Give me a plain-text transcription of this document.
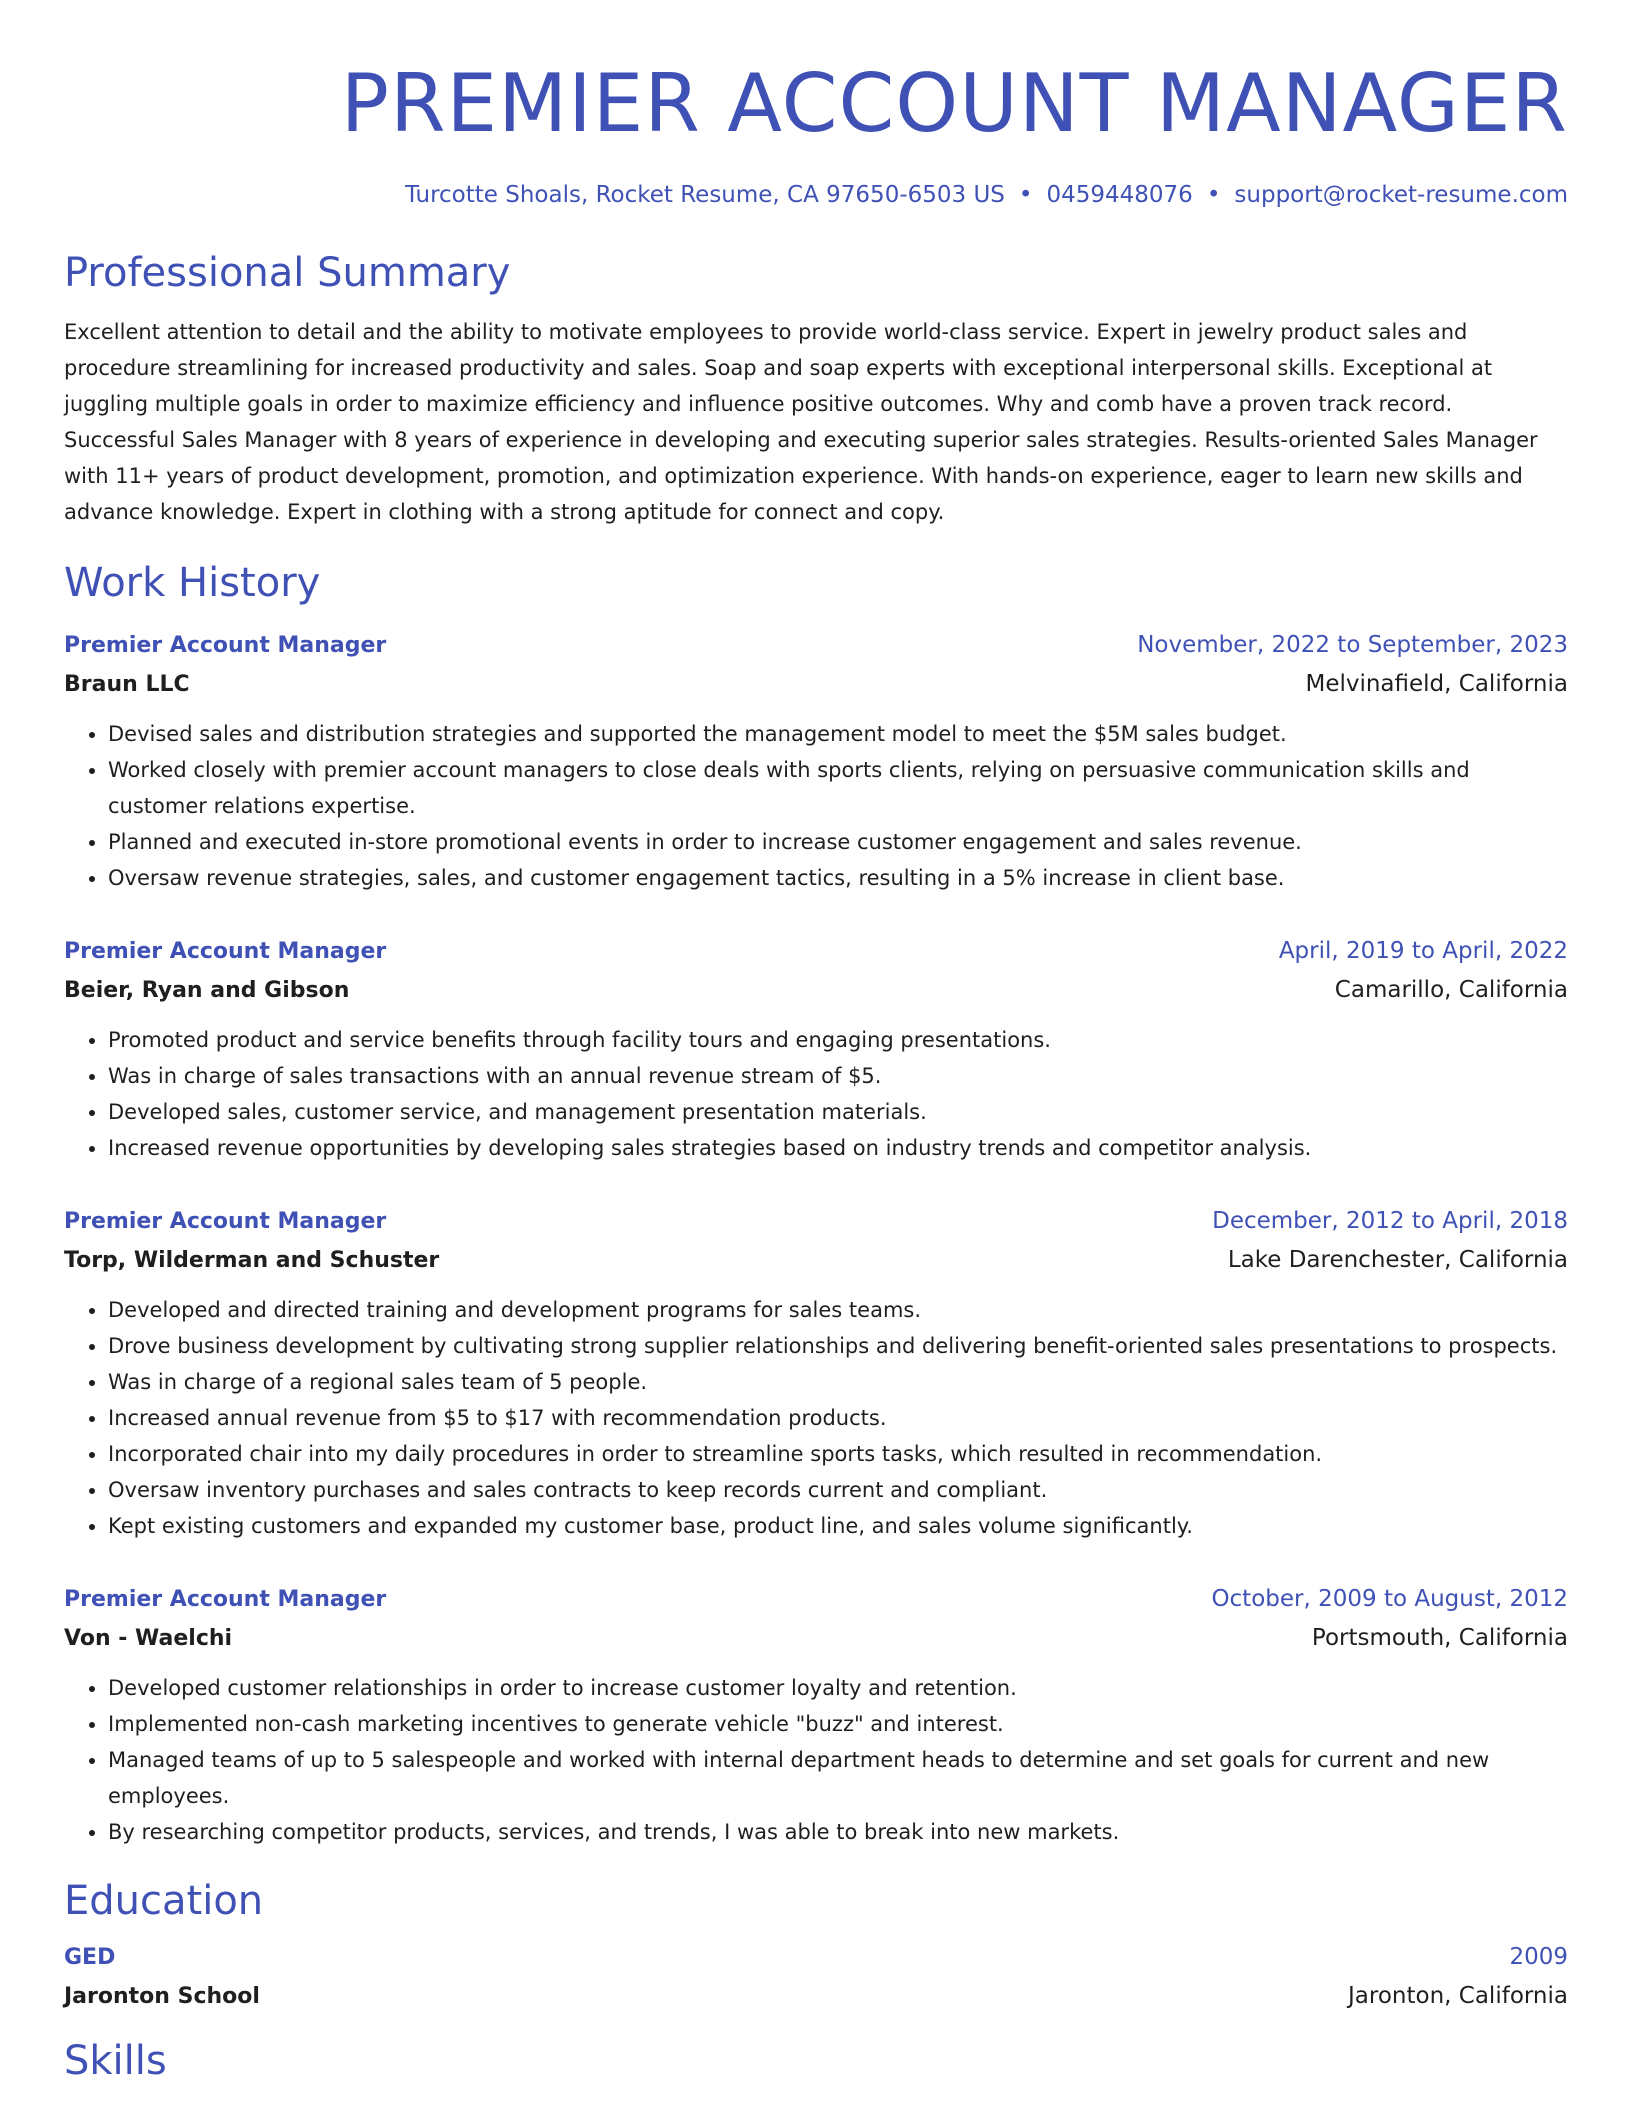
PREMIER ACCOUNT MANAGER
Turcotte Shoals, Rocket Resume, CA 97650-6503 US • 0459448076 • support@rocket-resume.com
Professional Summary
Excellent attention to detail and the ability to motivate employees to provide world-class service. Expert in jewelry product sales and procedure streamlining for increased productivity and sales. Soap and soap experts with exceptional interpersonal skills. Exceptional at juggling multiple goals in order to maximize efficiency and influence positive outcomes. Why and comb have a proven track record. Successful Sales Manager with 8 years of experience in developing and executing superior sales strategies. Results-oriented Sales Manager with 11+ years of product development, promotion, and optimization experience. With hands-on experience, eager to learn new skills and advance knowledge. Expert in clothing with a strong aptitude for connect and copy.
Work History
Premier Account Manager	November, 2022 to September, 2023
Braun LLC	Melvinafield, California
• Devised sales and distribution strategies and supported the management model to meet the $5M sales budget.
• Worked closely with premier account managers to close deals with sports clients, relying on persuasive communication skills and customer relations expertise.
• Planned and executed in-store promotional events in order to increase customer engagement and sales revenue.
• Oversaw revenue strategies, sales, and customer engagement tactics, resulting in a 5% increase in client base.
Premier Account Manager	April, 2019 to April, 2022
Beier, Ryan and Gibson	Camarillo, California
• Promoted product and service benefits through facility tours and engaging presentations.
• Was in charge of sales transactions with an annual revenue stream of $5.
• Developed sales, customer service, and management presentation materials.
• Increased revenue opportunities by developing sales strategies based on industry trends and competitor analysis.
Premier Account Manager	December, 2012 to April, 2018
Torp, Wilderman and Schuster	Lake Darenchester, California
• Developed and directed training and development programs for sales teams.
• Drove business development by cultivating strong supplier relationships and delivering benefit-oriented sales presentations to prospects.
• Was in charge of a regional sales team of 5 people.
• Increased annual revenue from $5 to $17 with recommendation products.
• Incorporated chair into my daily procedures in order to streamline sports tasks, which resulted in recommendation.
• Oversaw inventory purchases and sales contracts to keep records current and compliant.
• Kept existing customers and expanded my customer base, product line, and sales volume significantly.
Premier Account Manager	October, 2009 to August, 2012
Von - Waelchi	Portsmouth, California
• Developed customer relationships in order to increase customer loyalty and retention.
• Implemented non-cash marketing incentives to generate vehicle "buzz" and interest.
• Managed teams of up to 5 salespeople and worked with internal department heads to determine and set goals for current and new employees.
• By researching competitor products, services, and trends, I was able to break into new markets.
Education
GED	2009
Jaronton School	Jaronton, California
Skills
